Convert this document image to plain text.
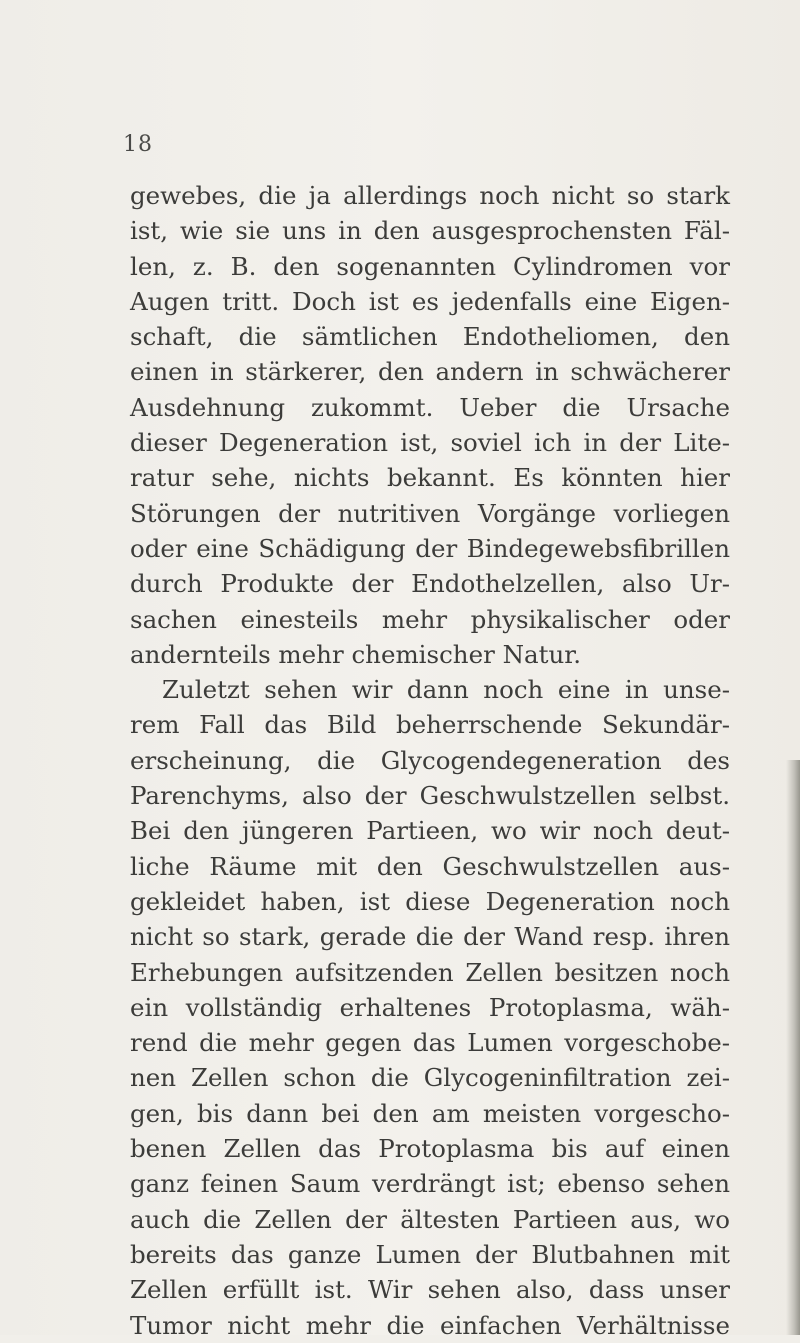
18
gewebes, die ja allerdings noch nicht so stark
ist, wie sie uns in den ausgesprochensten Fäl-
len, z. B. den sogenannten Cylindromen vor
Augen tritt. Doch ist es jedenfalls eine Eigen-
schaft, die sämtlichen Endotheliomen, den
einen in stärkerer, den andern in schwächerer
Ausdehnung zukommt. Ueber die Ursache
dieser Degeneration ist, soviel ich in der Lite-
ratur sehe, nichts bekannt. Es könnten hier
Störungen der nutritiven Vorgänge vorliegen
oder eine Schädigung der Bindegewebsfibrillen
durch Produkte der Endothelzellen, also Ur-
sachen einesteils mehr physikalischer oder
andernteils mehr chemischer Natur.
Zuletzt sehen wir dann noch eine in unse-
rem Fall das Bild beherrschende Sekundär-
erscheinung, die Glycogendegeneration des
Parenchyms, also der Geschwulstzellen selbst.
Bei den jüngeren Partieen, wo wir noch deut-
liche Räume mit den Geschwulstzellen aus-
gekleidet haben, ist diese Degeneration noch
nicht so stark, gerade die der Wand resp. ihren
Erhebungen aufsitzenden Zellen besitzen noch
ein vollständig erhaltenes Protoplasma, wäh-
rend die mehr gegen das Lumen vorgeschobe-
nen Zellen schon die Glycogeninfiltration zei-
gen, bis dann bei den am meisten vorgescho-
benen Zellen das Protoplasma bis auf einen
ganz feinen Saum verdrängt ist; ebenso sehen
auch die Zellen der ältesten Partieen aus, wo
bereits das ganze Lumen der Blutbahnen mit
Zellen erfüllt ist. Wir sehen also, dass unser
Tumor nicht mehr die einfachen Verhältnisse
